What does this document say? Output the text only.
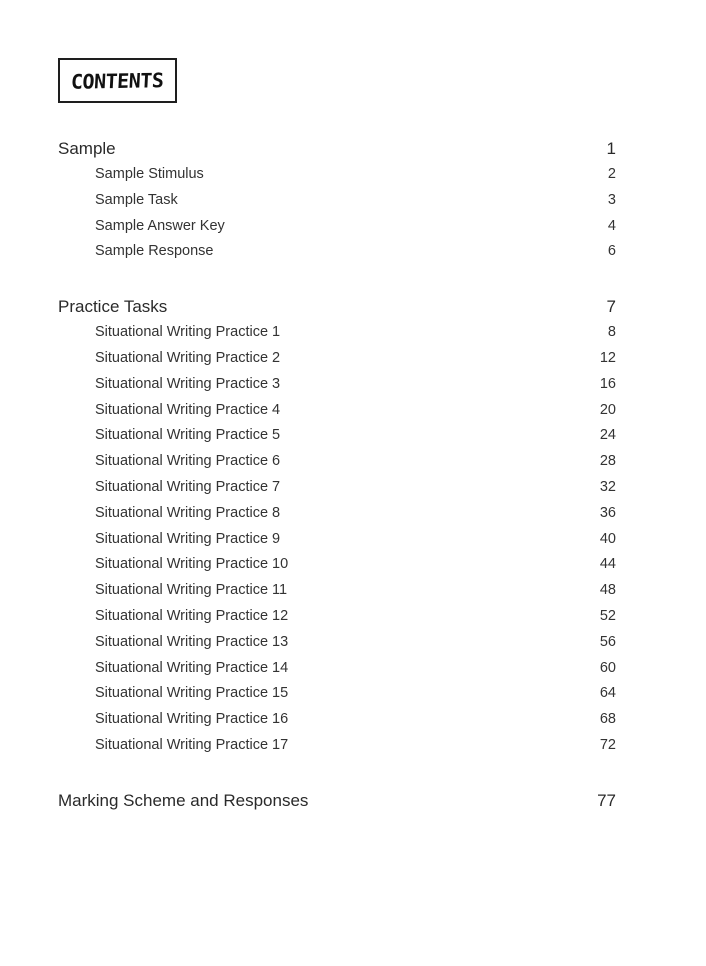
CONTENTS
Sample	1
Sample Stimulus	2
Sample Task	3
Sample Answer Key	4
Sample Response	6
Practice Tasks	7
Situational Writing Practice 1	8
Situational Writing Practice 2	12
Situational Writing Practice 3	16
Situational Writing Practice 4	20
Situational Writing Practice 5	24
Situational Writing Practice 6	28
Situational Writing Practice 7	32
Situational Writing Practice 8	36
Situational Writing Practice 9	40
Situational Writing Practice 10	44
Situational Writing Practice 11	48
Situational Writing Practice 12	52
Situational Writing Practice 13	56
Situational Writing Practice 14	60
Situational Writing Practice 15	64
Situational Writing Practice 16	68
Situational Writing Practice 17	72
Marking Scheme and Responses	77
